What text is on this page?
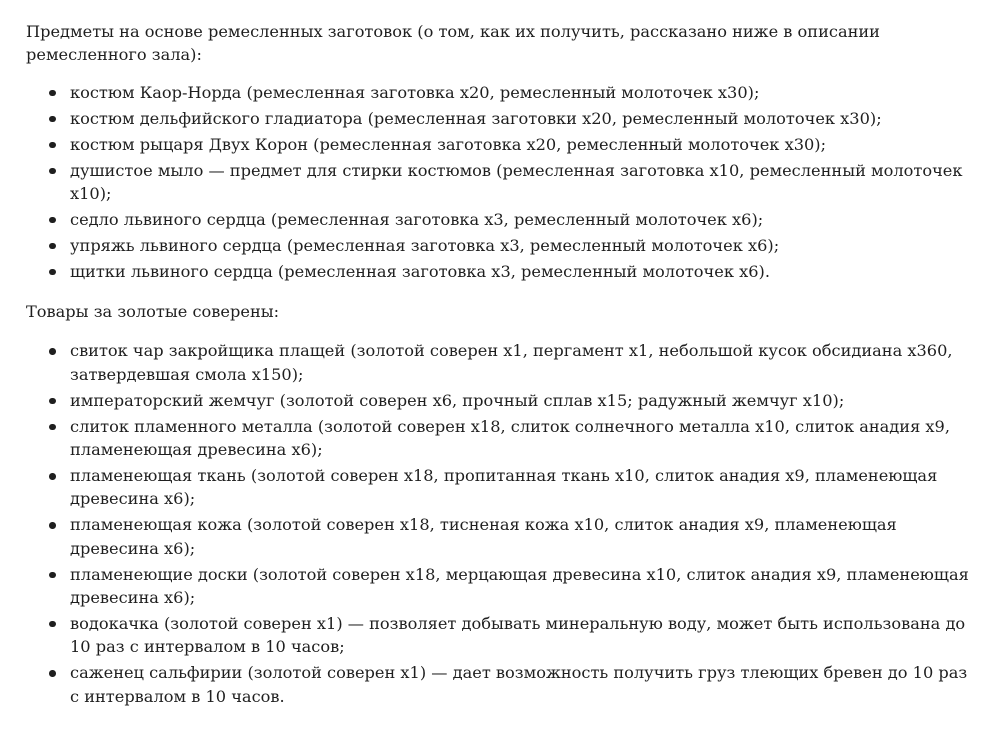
Предметы на основе ремесленных заготовок (о том, как их получить, рассказано ниже в описании ремесленного зала):

костюм Каор-Норда (ремесленная заготовка х20, ремесленный молоточек х30);
костюм дельфийского гладиатора (ремесленная заготовки х20, ремесленный молоточек х30);
костюм рыцаря Двух Корон (ремесленная заготовка х20, ремесленный молоточек х30);
душистое мыло — предмет для стирки костюмов (ремесленная заготовка х10, ремесленный молоточек х10);
седло львиного сердца (ремесленная заготовка х3, ремесленный молоточек х6);
упряжь львиного сердца (ремесленная заготовка х3, ремесленный молоточек х6);
щитки львиного сердца (ремесленная заготовка х3, ремесленный молоточек х6).

Товары за золотые соверены:

свиток чар закройщика плащей (золотой соверен х1, пергамент х1, небольшой кусок обсидиана х360, затвердевшая смола х150);
императорский жемчуг (золотой соверен х6, прочный сплав х15; радужный жемчуг х10);
слиток пламенного металла (золотой соверен х18, слиток солнечного металла х10, слиток анадия х9, пламенеющая древесина х6);
пламенеющая ткань (золотой соверен х18, пропитанная ткань х10, слиток анадия х9, пламенеющая древесина х6);
пламенеющая кожа (золотой соверен х18, тисненая кожа х10, слиток анадия х9, пламенеющая древесина х6);
пламенеющие доски (золотой соверен х18, мерцающая древесина х10, слиток анадия х9, пламенеющая древесина х6);
водокачка (золотой соверен х1) — позволяет добывать минеральную воду, может быть использована до 10 раз с интервалом в 10 часов;
саженец сальфирии (золотой соверен х1) — дает возможность получить груз тлеющих бревен до 10 раз с интервалом в 10 часов.
